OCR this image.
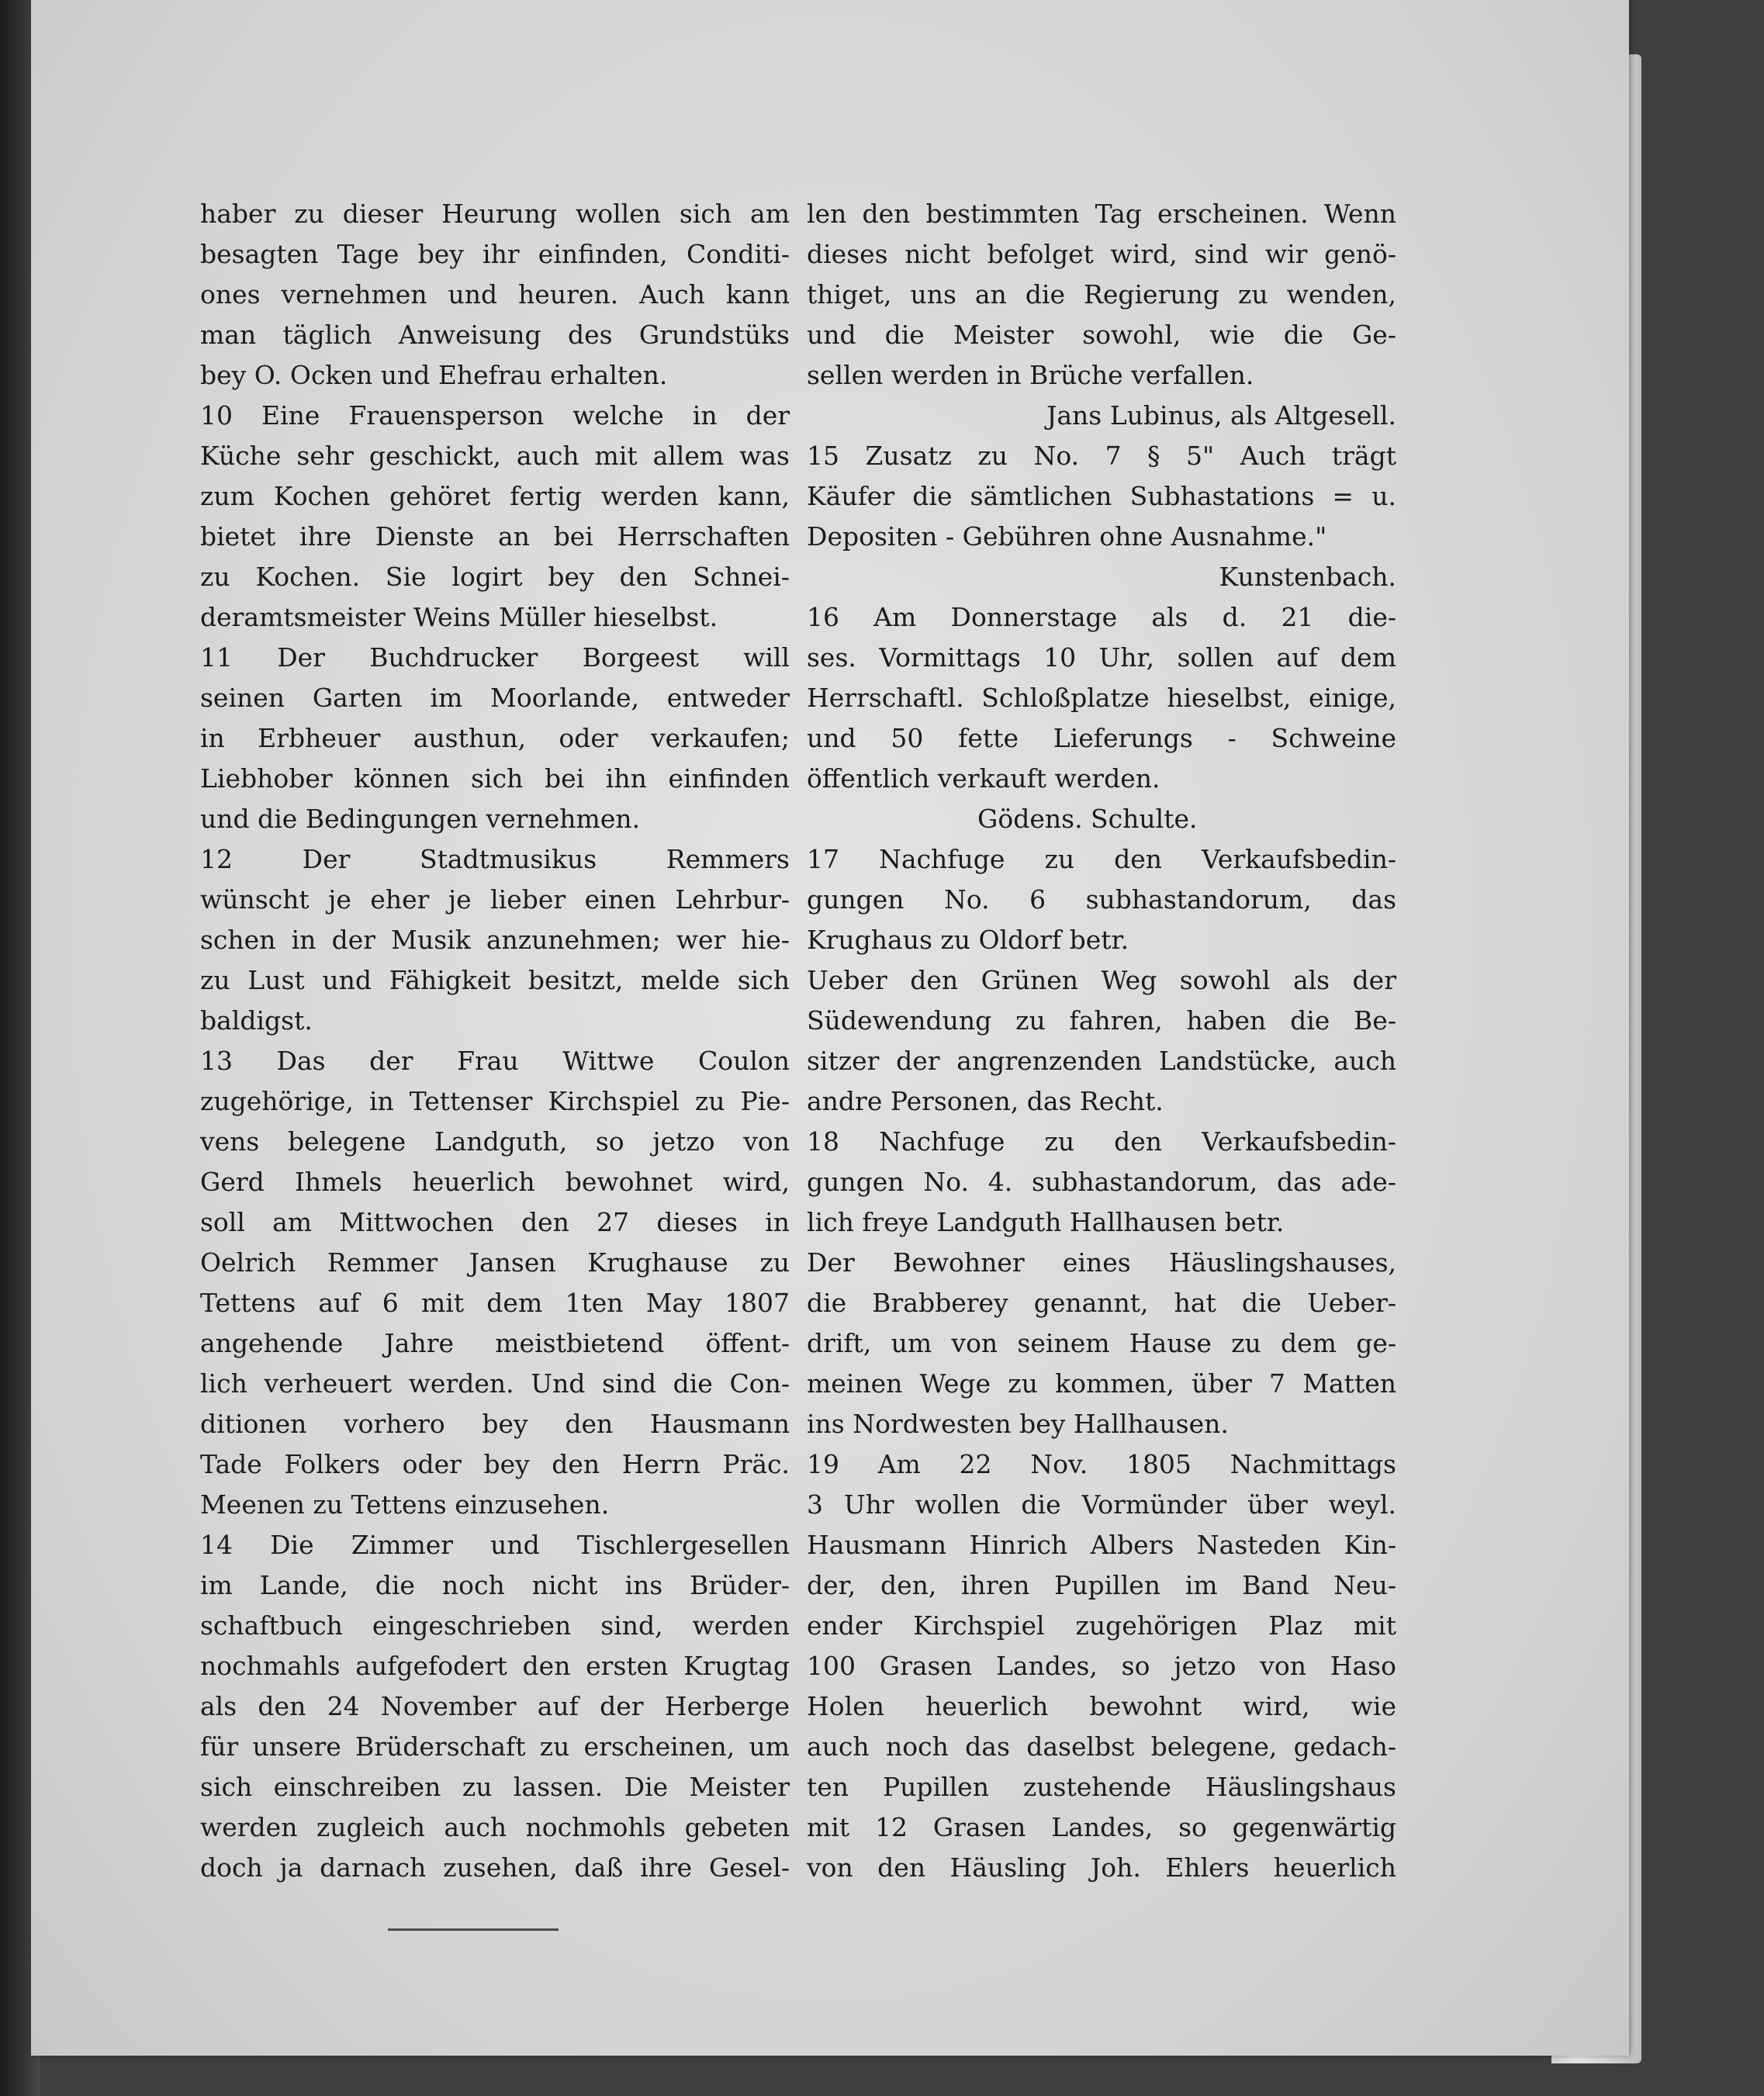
haber zu dieser Heurung wollen sich am
besagten Tage bey ihr einfinden, Conditi-
ones vernehmen und heuren. Auch kann
man täglich Anweisung des Grundstüks
bey O. Ocken und Ehefrau erhalten.
10 Eine Frauensperson welche in der
Küche sehr geschickt, auch mit allem was
zum Kochen gehöret fertig werden kann,
bietet ihre Dienste an bei Herrschaften
zu Kochen. Sie logirt bey den Schnei-
deramtsmeister Weins Müller hieselbst.
11 Der Buchdrucker Borgeest will
seinen Garten im Moorlande, entweder
in Erbheuer austhun, oder verkaufen;
Liebhober können sich bei ihn einfinden
und die Bedingungen vernehmen.
12 Der Stadtmusikus Remmers
wünscht je eher je lieber einen Lehrbur-
schen in der Musik anzunehmen; wer hie-
zu Lust und Fähigkeit besitzt, melde sich
baldigst.
13 Das der Frau Wittwe Coulon
zugehörige, in Tettenser Kirchspiel zu Pie-
vens belegene Landguth, so jetzo von
Gerd Ihmels heuerlich bewohnet wird,
soll am Mittwochen den 27 dieses in
Oelrich Remmer Jansen Krughause zu
Tettens auf 6 mit dem 1ten May 1807
angehende Jahre meistbietend öffent-
lich verheuert werden. Und sind die Con-
ditionen vorhero bey den Hausmann
Tade Folkers oder bey den Herrn Präc.
Meenen zu Tettens einzusehen.
14 Die Zimmer und Tischlergesellen
im Lande, die noch nicht ins Brüder-
schaftbuch eingeschrieben sind, werden
nochmahls aufgefodert den ersten Krugtag
als den 24 November auf der Herberge
für unsere Brüderschaft zu erscheinen, um
sich einschreiben zu lassen. Die Meister
werden zugleich auch nochmohls gebeten
doch ja darnach zusehen, daß ihre Gesel-
len den bestimmten Tag erscheinen. Wenn
dieses nicht befolget wird, sind wir genö-
thiget, uns an die Regierung zu wenden,
und die Meister sowohl, wie die Ge-
sellen werden in Brüche verfallen.
Jans Lubinus, als Altgesell.
15 Zusatz zu No. 7 § 5" Auch trägt
Käufer die sämtlichen Subhastations = u.
Depositen - Gebühren ohne Ausnahme."
Kunstenbach.
16 Am Donnerstage als d. 21 die-
ses. Vormittags 10 Uhr, sollen auf dem
Herrschaftl. Schloßplatze hieselbst, einige,
und 50 fette Lieferungs - Schweine
öffentlich verkauft werden.
Gödens. Schulte.
17 Nachfuge zu den Verkaufsbedin-
gungen No. 6 subhastandorum, das
Krughaus zu Oldorf betr.
Ueber den Grünen Weg sowohl als der
Südewendung zu fahren, haben die Be-
sitzer der angrenzenden Landstücke, auch
andre Personen, das Recht.
18 Nachfuge zu den Verkaufsbedin-
gungen No. 4. subhastandorum, das ade-
lich freye Landguth Hallhausen betr.
Der Bewohner eines Häuslingshauses,
die Brabberey genannt, hat die Ueber-
drift, um von seinem Hause zu dem ge-
meinen Wege zu kommen, über 7 Matten
ins Nordwesten bey Hallhausen.
19 Am 22 Nov. 1805 Nachmittags
3 Uhr wollen die Vormünder über weyl.
Hausmann Hinrich Albers Nasteden Kin-
der, den, ihren Pupillen im Band Neu-
ender Kirchspiel zugehörigen Plaz mit
100 Grasen Landes, so jetzo von Haso
Holen heuerlich bewohnt wird, wie
auch noch das daselbst belegene, gedach-
ten Pupillen zustehende Häuslingshaus
mit 12 Grasen Landes, so gegenwärtig
von den Häusling Joh. Ehlers heuerlich
